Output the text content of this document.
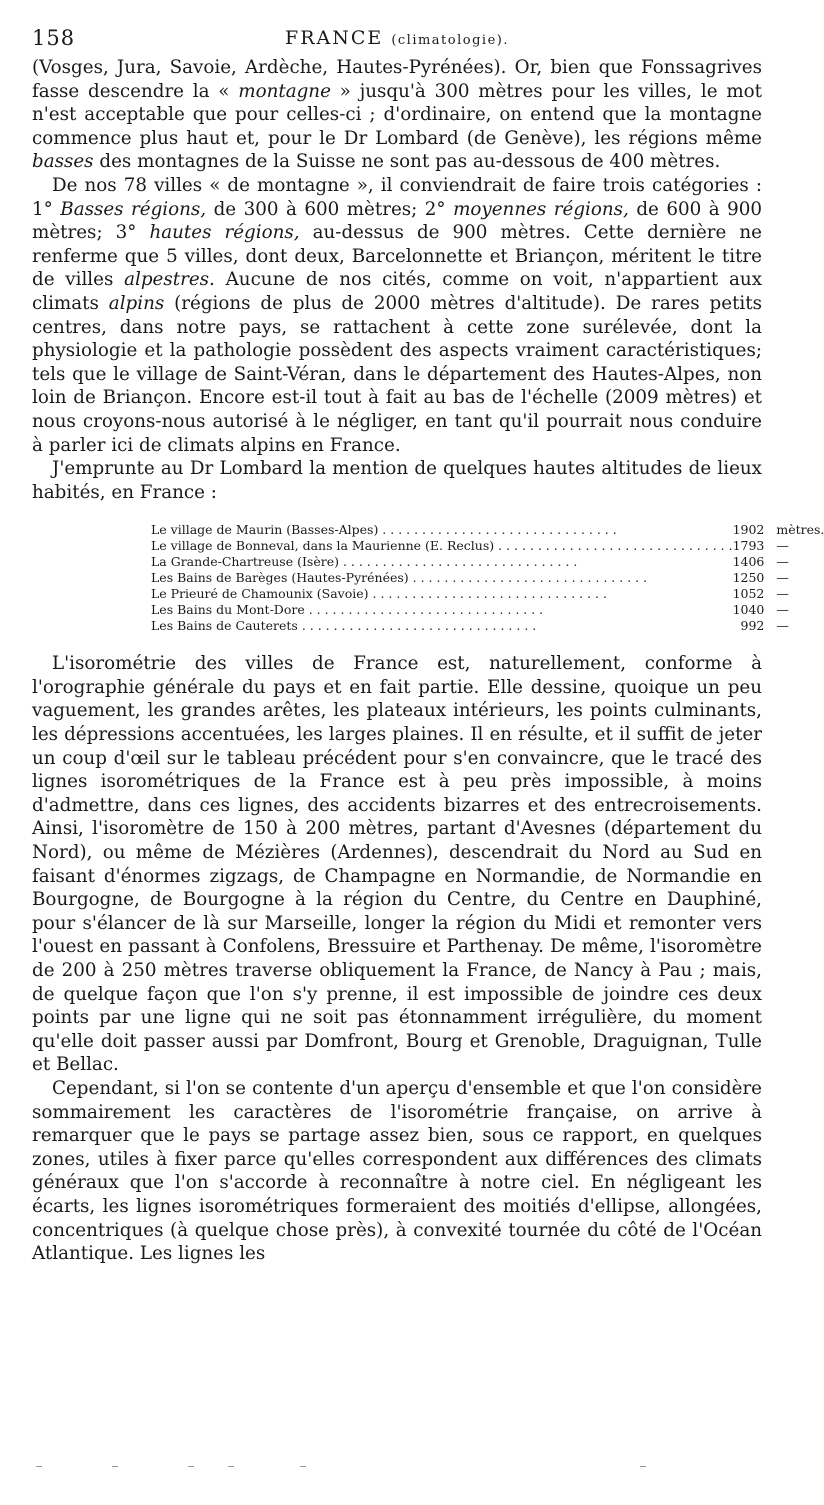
158	FRANCE (climatologie).

(Vosges, Jura, Savoie, Ardèche, Hautes-Pyrénées). Or, bien que Fonssagrives fasse descendre la « montagne » jusqu'à 300 mètres pour les villes, le mot n'est acceptable que pour celles-ci ; d'ordinaire, on entend que la montagne commence plus haut et, pour le Dr Lombard (de Genève), les régions même basses des montagnes de la Suisse ne sont pas au-dessous de 400 mètres.

De nos 78 villes « de montagne », il conviendrait de faire trois catégories : 1° Basses régions, de 300 à 600 mètres; 2° moyennes régions, de 600 à 900 mètres; 3° hautes régions, au-dessus de 900 mètres. Cette dernière ne renferme que 5 villes, dont deux, Barcelonnette et Briançon, méritent le titre de villes alpestres. Aucune de nos cités, comme on voit, n'appartient aux climats alpins (régions de plus de 2000 mètres d'altitude). De rares petits centres, dans notre pays, se rattachent à cette zone surélevée, dont la physiologie et la pathologie possèdent des aspects vraiment caractéristiques; tels que le village de Saint-Véran, dans le département des Hautes-Alpes, non loin de Briançon. Encore est-il tout à fait au bas de l'échelle (2009 mètres) et nous croyons-nous autorisé à le négliger, en tant qu'il pourrait nous conduire à parler ici de climats alpins en France.

J'emprunte au Dr Lombard la mention de quelques hautes altitudes de lieux habités, en France :

Le village de Maurin (Basses-Alpes) . . .	1902	mètres.
Le village de Bonneval, dans la Maurienne (E. Reclus) . . .	1793	—
La Grande-Chartreuse (Isère) . . .	1406	—
Les Bains de Barèges (Hautes-Pyrénées) . . .	1250	—
Le Prieuré de Chamounix (Savoie) . . .	1052	—
Les Bains du Mont-Dore . . .	1040	—
Les Bains de Cauterets . . .	992	—

L'isorométrie des villes de France est, naturellement, conforme à l'orographie générale du pays et en fait partie. Elle dessine, quoique un peu vaguement, les grandes arêtes, les plateaux intérieurs, les points culminants, les dépressions accentuées, les larges plaines. Il en résulte, et il suffit de jeter un coup d'œil sur le tableau précédent pour s'en convaincre, que le tracé des lignes isorométriques de la France est à peu près impossible, à moins d'admettre, dans ces lignes, des accidents bizarres et des entrecroisements. Ainsi, l'isoromètre de 150 à 200 mètres, partant d'Avesnes (département du Nord), ou même de Mézières (Ardennes), descendrait du Nord au Sud en faisant d'énormes zigzags, de Champagne en Normandie, de Normandie en Bourgogne, de Bourgogne à la région du Centre, du Centre en Dauphiné, pour s'élancer de là sur Marseille, longer la région du Midi et remonter vers l'ouest en passant à Confolens, Bressuire et Parthenay. De même, l'isoromètre de 200 à 250 mètres traverse obliquement la France, de Nancy à Pau ; mais, de quelque façon que l'on s'y prenne, il est impossible de joindre ces deux points par une ligne qui ne soit pas étonnamment irrégulière, du moment qu'elle doit passer aussi par Domfront, Bourg et Grenoble, Draguignan, Tulle et Bellac.

Cependant, si l'on se contente d'un aperçu d'ensemble et que l'on considère sommairement les caractères de l'isorométrie française, on arrive à remarquer que le pays se partage assez bien, sous ce rapport, en quelques zones, utiles à fixer parce qu'elles correspondent aux différences des climats généraux que l'on s'accorde à reconnaître à notre ciel. En négligeant les écarts, les lignes isorométriques formeraient des moitiés d'ellipse, allongées, concentriques (à quelque chose près), à convexité tournée du côté de l'Océan Atlantique. Les lignes les
